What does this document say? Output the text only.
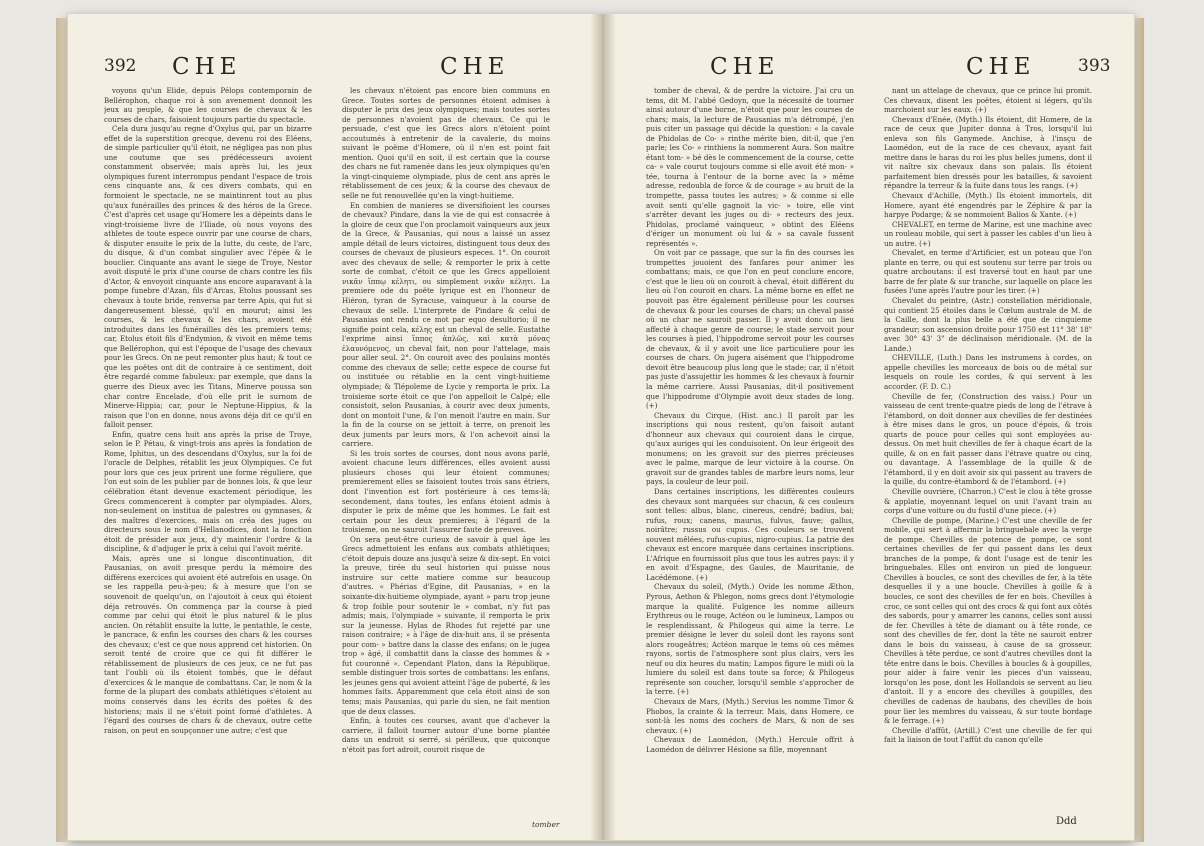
392 CHE	CHE

voyons qu'un Elide, depuis Pélops contemporain de Bellérophon, chaque roi à son avenement donnoit les jeux au peuple, & que les courses de chevaux & les courses de chars, faisoient toujours partie du spectacle.

Cela dura jusqu'au regne d'Oxylus qui, par un bizarre effet de la superstition grecque, devenu roi des Eléens, de simple particulier qu'il étoit, ne négligea pas non plus une coutume que ses prédécesseurs avoient constamment observée; mais après lui, les jeux olympiques furent interrompus pendant l'espace de trois cens cinquante ans, & ces divers combats, qui en formoient le spectacle, ne se maintinrent tout au plus qu'aux funérailles des princes & des héros de la Grece. C'est d'après cet usage qu'Homere les a dépeints dans le vingt-troisieme livre de l'Iliade, où nous voyons des athletes de toute espece ouvrir par une course de chars, & disputer ensuite le prix de la lutte, du ceste, de l'arc, du disque, & d'un combat singulier avec l'épée & le bouclier. Cinquante ans avant le siege de Troye, Nestor avoit disputé le prix d'une course de chars contre les fils d'Actor, & envoyoit cinquante ans encore auparavant à la pompe funebre d'Azan, fils d'Arcas, Etolus poussant ses chevaux à toute bride, renversa par terre Apis, qui fut si dangereusement blessé, qu'il en mourut; ainsi les courses, & les chevaux & les chars, avoient été introduites dans les funérailles dès les premiers tems; car, Etolus étoit fils d'Endymion, & vivoit en même tems que Bellérophon, qui est l'époque de l'usage des chevaux pour les Grecs. On ne peut remonter plus haut; & tout ce que les poëtes ont dit de contraire à ce sentiment, doit être regardé comme fabuleux: par exemple, que dans la guerre des Dieux avec les Titans, Minerve poussa son char contre Encelade, d'où elle prit le surnom de Minerve-Hippia; car, pour le Neptune-Hippius, & la raison que l'on en donne, nous avons déja dit ce qu'il en falloit penser.

Enfin, quatre cens huit ans après la prise de Troye, selon le P. Pétau, & vingt-trois ans après la fondation de Rome, Iphitus, un des descendans d'Oxylus, sur la foi de l'oracle de Delphes, rétablit les jeux Olympiques. Ce fut pour lors que ces jeux prirent une forme réguliere, que l'on eut soin de les publier par de bonnes lois, & que leur célébration étant devenue exactement périodique, les Grecs commencerent à compter par olympiades. Alors, non-seulement on institua de palestres ou gymnases, & des maîtres d'exercices, mais on créa des juges ou directeurs sous le nom d'Hellanodices, dont la fonction étoit de présider aux jeux, d'y maintenir l'ordre & la discipline, & d'adjuger le prix à celui qui l'avoit mérité.

Mais, après une si longue discontinuation, dit Pausanias, on avoit presque perdu la mémoire des différens exercices qui avoient été autrefois en usage. On se les rappella peu-à-peu; & à mesure que l'on se souvenoit de quelqu'un, on l'ajoutoit à ceux qui étoient déja retrouvés. On commença par la course à pied comme par celui qui étoit le plus naturel & le plus ancien. On rétablit ensuite la lutte, le pentathle, le ceste, le pancrace, & enfin les courses des chars & les courses des chevaux; c'est ce que nous apprend cet historien. On seroit tenté de croire que ce qui fit différer le rétablissement de plusieurs de ces jeux, ce ne fut pas tant l'oubli où ils étoient tombés, que le défaut d'exercices & le manque de combattans. Car, le nom & la forme de la plupart des combats athlétiques s'étoient au moins conservés dans les écrits des poëtes & des historiens; mais il ne s'étoit point formé d'athletes. A l'égard des courses de chars & de chevaux, outre cette raison, on peut en soupçonner une autre; c'est que

les chevaux n'étoient pas encore bien communs en Grece. Toutes sortes de personnes étoient admises à disputer le prix des jeux olympiques; mais toutes sortes de personnes n'avoient pas de chevaux. Ce qui le persuade, c'est que les Grecs alors n'étoient point accoutumés à entretenir de la cavalerie, du moins suivant le poëme d'Homere, où il n'en est point fait mention. Quoi qu'il en soit, il est certain que la course des chars ne fut ramenée dans les jeux olympiques qu'en la vingt-cinquieme olympiade, plus de cent ans après le rétablissement de ces jeux; & la course des chevaux de selle ne fut renouvellée qu'en la vingt-huitieme.

En combien de manieres se diversifioient les courses de chevaux? Pindare, dans la vie de qui est consacrée à la gloire de ceux que l'on proclamoit vainqueurs aux jeux de la Grece, & Pausanias, qui nous a laissé un assez ample détail de leurs victoires, distinguent tous deux des courses de chevaux de plusieurs especes. 1°. On couroit avec des chevaux de selle; & remporter le prix à cette sorte de combat, c'étoit ce que les Grecs appelloient νικᾶν ἵππῳ κέλητι, ou simplement νικᾶν κέλητι. La premiere ode du poëte lyrique est en l'honneur de Hiéron, tyran de Syracuse, vainqueur à la course de chevaux de selle. L'interprete de Pindare & celui de Pausanias ont rendu ce mot par equo desultorio; il ne signifie point cela, κέλης est un cheval de selle. Eustathe l'exprime ainsi ἵππος ἁπλῶς, καὶ κατὰ μόνας ἐλαυνόμενος, un cheval fait, non pour l'attelage, mais pour aller seul. 2°. On couroit avec des poulains montés comme des chevaux de selle; cette espece de course fut ou instituée ou rétablie en la cent vingt-huitieme olympiade; & Tlépoleme de Lycie y remporta le prix. La troisieme sorte étoit ce que l'on appelloit le Calpé; elle consistoit, selon Pausanias, à courir avec deux juments, dont on montoit l'une, & l'on menoit l'autre en main. Sur la fin de la course on se jettoit à terre, on prenoit les deux juments par leurs mors, & l'on achevoit ainsi la carriere.

Si les trois sortes de courses, dont nous avons parlé, avoient chacune leurs différences, elles avoient aussi plusieurs choses qui leur étoient communes; premierement elles se faisoient toutes trois sans étriers, dont l'invention est fort postérieure à ces tems-là; secondement, dans toutes, les enfans étoient admis à disputer le prix de même que les hommes. Le fait est certain pour les deux premieres; à l'égard de la troisieme, on ne sauroit l'assurer faute de preuves.

On sera peut-être curieux de savoir à quel âge les Grecs admettoient les enfans aux combats athlétiques; c'étoit depuis douze ans jusqu'à seize & dix-sept. En voici la preuve, tirée du seul historien qui puisse nous instruire sur cette matiere comme sur beaucoup d'autres. « Phérias d'Egine, dit Pausanias, » en la soixante-dix-huitieme olympiade, ayant » paru trop jeune & trop foible pour soutenir le » combat, n'y fut pas admis; mais, l'olympiade » suivante, il remporta le prix sur la jeunesse. Hylas de Rhodes fut rejetté par une raison contraire; » à l'âge de dix-huit ans, il se présenta pour com- » battre dans la classe des enfans; on le jugea trop » âgé, il combattit dans la classe des hommes & » fut couronné ». Cependant Platon, dans la République, semble distinguer trois sortes de combattans: les enfans, les jeunes gens qui avoient atteint l'âge de puberté, & les hommes faits. Apparemment que cela étoit ainsi de son tems; mais Pausanias, qui parle du sien, ne fait mention que de deux classes.

Enfin, à toutes ces courses, avant que d'achever la carriere, il falloit tourner autour d'une borne plantée dans un endroit si serré, si périlleux, que quiconque n'étoit pas fort adroit, couroit risque de

tomber
CHE	CHE	393

tomber de cheval, & de perdre la victoire. J'ai cru un tems, dit M. l'abbé Gedoyn, que la nécessité de tourner ainsi autour d'une borne, n'étoit que pour les courses de chars; mais, la lecture de Pausanias m'a détrompé, j'en puis citer un passage qui décide la question: « la cavale de Phidolas de Co- » rinthe mérite bien, dit-il, que j'en parle; les Co- » rinthiens la nommerent Aura. Son maître étant tom- » bé dès le commencement de la course, cette ca- » vale courut toujours comme si elle avoit été mon- » tée, tourna à l'entour de la borne avec la » même adresse, redoubla de force & de courage » au bruit de la trompette, passa toutes les autres; » & comme si elle avoit senti qu'elle gagnoit la vic- » toire, elle vint s'arrêter devant les juges ou di- » recteurs des jeux. Phidolas, proclamé vainqueur, » obtint des Eléens d'ériger un monument où lui & » sa cavale fussent représentés ».

On voit par ce passage, que sur la fin des courses les trompettes jouoient des fanfares pour animer les combattans; mais, ce que l'on en peut conclure encore, c'est que le lieu où on couroit à cheval, étoit différent du lieu où l'on couroit en chars. La même borne en effet ne pouvoit pas être également périlleuse pour les courses de chevaux & pour les courses de chars; un cheval passé où un char ne sauroit passer. Il y avoit donc un lieu affecté à chaque genre de course; le stade servoit pour les courses à pied, l'hippodrome servoit pour les courses de chevaux, & il y avoit une lice particuliere pour les courses de chars. On jugera aisément que l'hippodrome devoit être beaucoup plus long que le stade; car, il n'étoit pas juste d'assujettir les hommes & les chevaux à fournir la même carriere. Aussi Pausanias, dit-il positivement que l'hippodrome d'Olympie avoit deux stades de long. (+)

Chevaux du Cirque, (Hist. anc.) Il paroît par les inscriptions qui nous restent, qu'on faisoit autant d'honneur aux chevaux qui couroient dans le cirque, qu'aux auriges qui les conduisoient. On leur érigeoit des monumens; on les gravoit sur des pierres précieuses avec le palme, marque de leur victoire à la course. On gravoit sur de grandes tables de marbre leurs noms, leur pays, la couleur de leur poil.

Dans certaines inscriptions, les différentes couleurs des chevaux sont marquées sur chacun, & ces couleurs sont telles: albus, blanc, cinereus, cendré; badius, bai; rufus, roux; canens, maurus, fulvus, fauve; gallus, noirâtre; russus ou cupus. Ces couleurs se trouvent souvent mêlées, rufus-cupius, nigro-cupius. La patrie des chevaux est encore marquée dans certaines inscriptions. L'Afrique en fournissoit plus que tous les autres pays: il y en avoit d'Espagne, des Gaules, de Mauritanie, de Lacédémone. (+)

Chevaux du soleil, (Myth.) Ovide les nomme Æthon, Pyrous, Aethon & Phlegon, noms grecs dont l'étymologie marque la qualité. Fulgence les nomme ailleurs Erythreus ou le rouge, Actéon ou le lumineux, Lampos ou le resplendissant, & Philogeus qui aime la terre. Le premier désigne le lever du soleil dont les rayons sont alors rougeâtres; Actéon marque le tems où ces mêmes rayons, sortis de l'atmosphere sont plus clairs, vers les neuf ou dix heures du matin; Lampos figure le midi où la lumiere du soleil est dans toute sa force; & Philogeus représente son coucher, lorsqu'il semble s'approcher de la terre. (+)

Chevaux de Mars, (Myth.) Servius les nomme Timor & Phobos, la crainte & la terreur. Mais, dans Homere, ce sont-là les noms des cochers de Mars, & non de ses chevaux. (+)

Chevaux de Laomédon, (Myth.) Hercule offrit à Laomédon de délivrer Hésione sa fille, moyennant

nant un attelage de chevaux, que ce prince lui promit. Ces chevaux, disent les poëtes, étoient si légers, qu'ils marchoient sur les eaux. (+)

Chevaux d'Enée, (Myth.) Ils étoient, dit Homere, de la race de ceux que Jupiter donna à Tros, lorsqu'il lui enleva son fils Ganymede. Anchise, à l'insçu de Laomédon, eut de la race de ces chevaux, ayant fait mettre dans le haras du roi les plus belles jumens, dont il vit naître six chevaux dans son palais. Ils étoient parfaitement bien dressés pour les batailles, & savoient répandre la terreur & la fuite dans tous les rangs. (+)

Chevaux d'Achille, (Myth.) Ils étoient immortels, dit Homere, ayant été engendrés par le Zéphire & par la harpye Podarge; & se nommoient Balios & Xante. (+)

CHEVALET, en terme de Marine, est une machine avec un rouleau mobile, qui sert à passer les cables d'un lieu à un autre. (+)

Chevalet, en terme d'Artificier, est un poteau que l'on plante en terre, ou qui est soutenu sur terre par trois ou quatre arcboutans: il est traversé tout en haut par une barre de fer plate & sur tranche, sur laquelle on place les fusées l'une après l'autre pour les tirer. (+)

Chevalet du peintre, (Astr.) constellation méridionale, qui contient 25 étoiles dans le Cœlum australe de M. de la Caille, dont la plus belle a été que de cinquieme grandeur; son ascension droite pour 1750 est 11° 38' 18" avec 30° 43' 3" de déclinaison méridionale. (M. de la Lande.)

CHEVILLE, (Luth.) Dans les instrumens à cordes, on appelle chevilles les morceaux de bois ou de métal sur lesquels on roule les cordes, & qui servent à les accorder. (F. D. C.)

Cheville de fer, (Construction des vaiss.) Pour un vaisseau de cent trente-quatre pieds de long de l'étrave à l'étambord, on doit donner aux chevilles de fer destinées à être mises dans le gros, un pouce d'épois, & trois quarts de pouce pour celles qui sont employées au-dessus. On met huit chevilles de fer à chaque écart de la quille, & on en fait passer dans l'étrave quatre ou cinq, ou davantage. A l'assemblage de la quille & de l'étambord, il y en doit avoir six qui passent au travers de la quille, du contre-étambord & de l'étambord. (+)

Cheville ouvrière, (Charron.) C'est le clou à tête grosse & applatie, moyennant lequel on unit l'avant train au corps d'une voiture ou du fustil d'une piece. (+)

Cheville de pompe, (Marine.) C'est une cheville de fer mobile, qui sert à affermir la bringuebale avec la verge de pompe. Chevilles de potence de pompe, ce sont certaines chevilles de fer qui passent dans les deux branches de la pompe, & dont l'usage est de tenir les bringuebales. Elles ont environ un pied de longueur. Chevilles à boucles, ce sont des chevilles de fer, à la tête desquelles il y a une boucle. Chevilles à goille & à boucles, ce sont des chevilles de fer en bois. Chevilles à croc, ce sont celles qui ont des crocs & qui font aux côtés des sabords, pour y amarrer les canons, celles sont aussi de fer. Chevilles à tête de diamant ou à tête ronde, ce sont des chevilles de fer, dont la tête ne sauroit entrer dans le bois du vaisseau, à cause de sa grosseur. Chevilles à tête perdue, ce sont d'autres chevilles dont la tête entre dans le bois. Chevilles à boucles & à goupilles, pour aider à faire venir les pieces d'un vaisseau, lorsqu'on les pose, dont les Hollandois se servent au lieu d'antoit. Il y a encore des chevilles à goupilles, des chevilles de cadenas de haubans, des chevilles de bois pour lier les membres du vaisseau, & sur toute bordage & le ferrage. (+)

Cheville d'affût, (Artill.) C'est une cheville de fer qui fait la liaison de tout l'affût du canon qu'elle

Ddd
